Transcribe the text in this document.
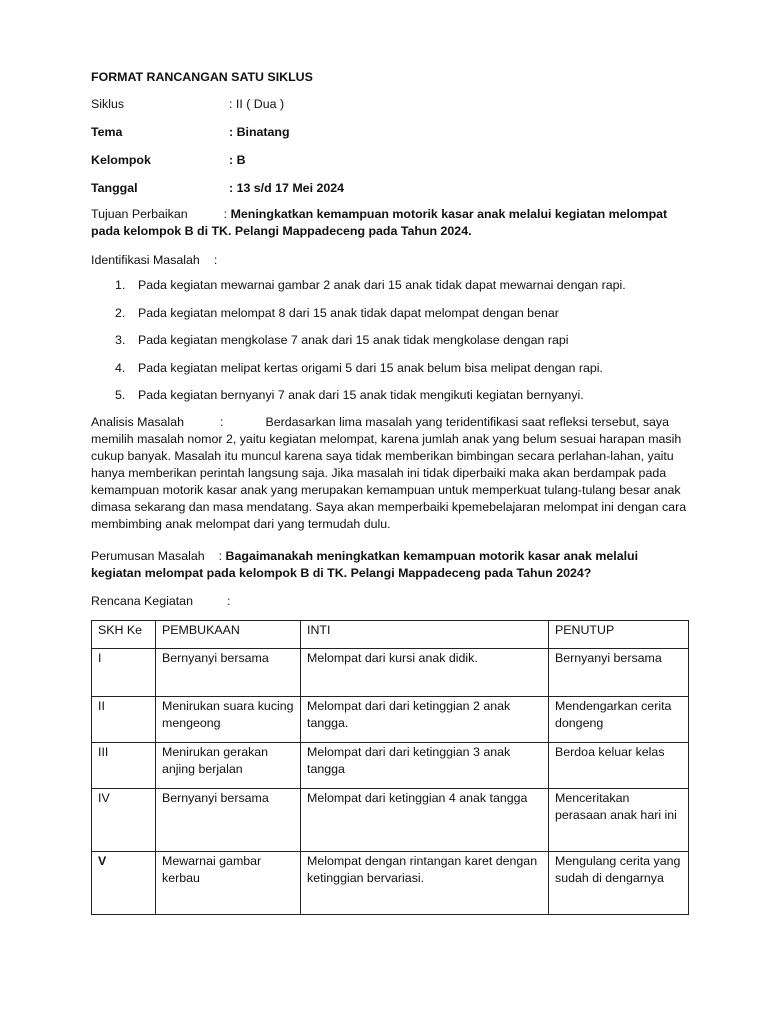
FORMAT RANCANGAN SATU SIKLUS
Siklus	: II ( Dua )
Tema	: Binatang
Kelompok	: B
Tanggal	: 13 s/d 17 Mei 2024
Tujuan Perbaikan	: Meningkatkan kemampuan motorik kasar anak melalui kegiatan melompat pada kelompok B di TK. Pelangi Mappadeceng pada Tahun 2024.
Identifikasi Masalah :
1.	Pada kegiatan mewarnai gambar 2 anak dari 15 anak tidak dapat mewarnai dengan rapi.
2.	Pada kegiatan melompat 8 dari 15 anak tidak dapat melompat dengan benar
3.	Pada kegiatan mengkolase 7 anak dari 15 anak tidak mengkolase dengan rapi
4.	Pada kegiatan melipat kertas origami 5 dari 15 anak belum bisa melipat dengan rapi.
5.	Pada kegiatan bernyanyi 7 anak dari 15 anak tidak mengikuti kegiatan bernyanyi.
Analisis Masalah	:	Berdasarkan lima masalah yang teridentifikasi saat refleksi tersebut, saya memilih masalah nomor 2, yaitu kegiatan melompat, karena jumlah anak yang belum sesuai harapan masih cukup banyak. Masalah itu muncul karena saya tidak memberikan bimbingan secara perlahan-lahan, yaitu hanya memberikan perintah langsung saja. Jika masalah ini tidak diperbaiki maka akan berdampak pada kemampuan motorik kasar anak yang merupakan kemampuan untuk memperkuat tulang-tulang besar anak dimasa sekarang dan masa mendatang. Saya akan memperbaiki kpemebelajaran melompat ini dengan cara membimbing anak melompat dari yang termudah dulu.
Perumusan Masalah : Bagaimanakah meningkatkan kemampuan motorik kasar anak melalui kegiatan melompat pada kelompok B di TK. Pelangi Mappadeceng pada Tahun 2024?
Rencana Kegiatan	:
SKH Ke	PEMBUKAAN	INTI	PENUTUP
I	Bernyanyi bersama	Melompat dari kursi anak didik.	Bernyanyi bersama
II	Menirukan suara kucing mengeong	Melompat dari dari ketinggian 2 anak tangga.	Mendengarkan cerita dongeng
III	Menirukan gerakan anjing berjalan	Melompat dari dari ketinggian 3 anak tangga	Berdoa keluar kelas
IV	Bernyanyi bersama	Melompat dari ketinggian 4 anak tangga	Menceritakan perasaan anak hari ini
V	Mewarnai gambar kerbau	Melompat dengan rintangan karet dengan ketinggian bervariasi.	Mengulang cerita yang sudah di dengarnya
